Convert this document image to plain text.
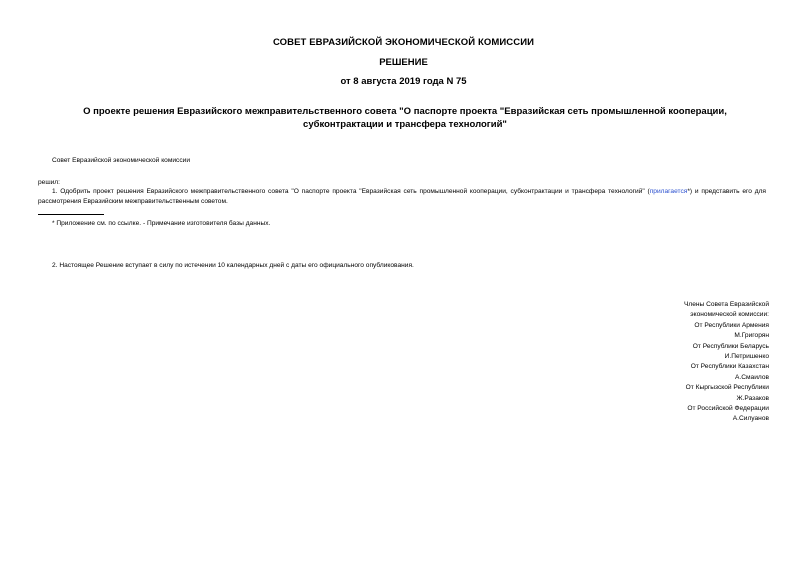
СОВЕТ ЕВРАЗИЙСКОЙ ЭКОНОМИЧЕСКОЙ КОМИССИИ
РЕШЕНИЕ
от 8 августа 2019 года N 75
О проекте решения Евразийского межправительственного совета "О паспорте проекта "Евразийская сеть промышленной кооперации, субконтрактации и трансфера технологий"
Совет Евразийской экономической комиссии
решил:
1. Одобрить проект решения Евразийского межправительственного совета "О паспорте проекта "Евразийская сеть промышленной кооперации, субконтрактации и трансфера технологий" (прилагается*) и представить его для рассмотрения Евразийским межправительственным советом.
* Приложение см. по ссылке. - Примечание изготовителя базы данных.
2. Настоящее Решение вступает в силу по истечении 10 календарных дней с даты его официального опубликования.
Члены Совета Евразийской
экономической комиссии:
От Республики Армения
М.Григорян
От Республики Беларусь
И.Петришенко
От Республики Казахстан
А.Смаилов
От Кыргызской Республики
Ж.Разаков
От Российской Федерации
А.Силуанов
